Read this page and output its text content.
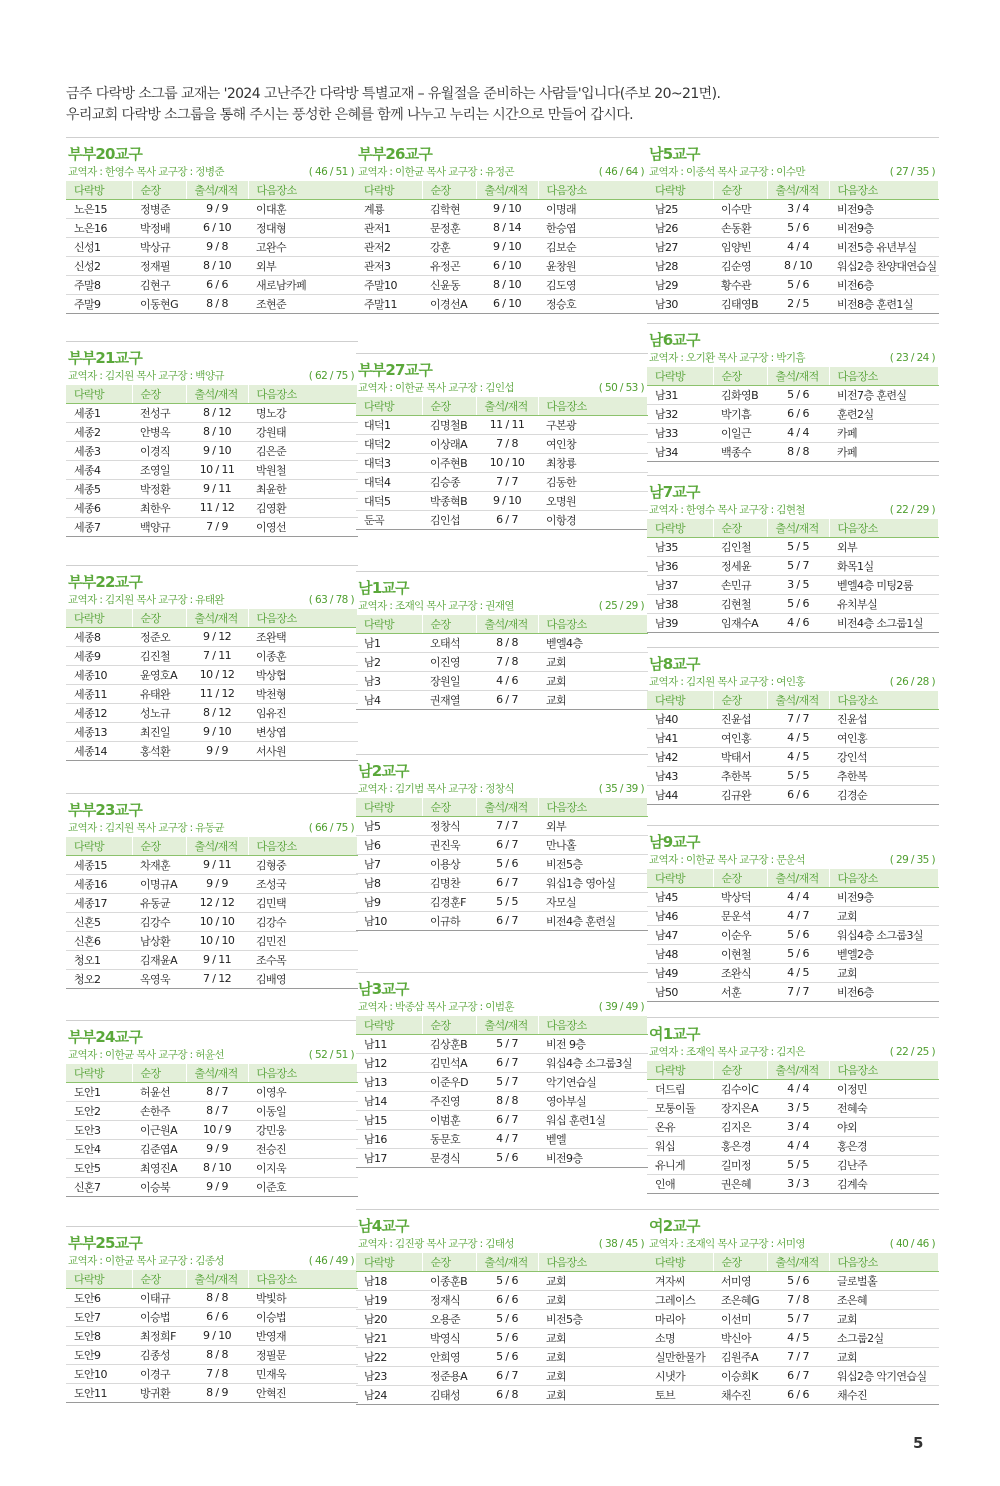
금주 다락방 소그룹 교재는 '2024 고난주간 다락방 특별교재 – 유월절을 준비하는 사람들'입니다(주보 20~21면).
우리교회 다락방 소그룹을 통해 주시는 풍성한 은혜를 함께 나누고 누리는 시간으로 만들어 갑시다.
부부20교구
교역자 : 한영수 목사 교구장 : 정병준	( 46 / 51 )
다락방	순장	출석/재적	다음장소
노은15	정병준	9 / 9	이대훈
노은16	박정배	6 / 10	정대형
신성1	박상규	9 / 8	고완수
신성2	정재필	8 / 10	외부
주말8	김현구	6 / 6	새로남카페
주말9	이동현G	8 / 8	조현준
부부21교구
교역자 : 김지원 목사 교구장 : 백양규	( 62 / 75 )
다락방	순장	출석/재적	다음장소
세종1	전성구	8 / 12	명노강
세종2	안병옥	8 / 10	강원태
세종3	이경직	9 / 10	김은준
세종4	조영일	10 / 11	박원철
세종5	박정환	9 / 11	최윤한
세종6	최한우	11 / 12	김영환
세종7	백양규	7 / 9	이영선
부부22교구
교역자 : 김지원 목사 교구장 : 유태완	( 63 / 78 )
다락방	순장	출석/재적	다음장소
세종8	정준오	9 / 12	조완택
세종9	김진철	7 / 11	이종훈
세종10	윤영호A	10 / 12	박상협
세종11	유태완	11 / 12	박천형
세종12	성노규	8 / 12	임유진
세종13	최진일	9 / 10	변상엽
세종14	홍석환	9 / 9	서사원
부부23교구
교역자 : 김지원 목사 교구장 : 유동균	( 66 / 75 )
다락방	순장	출석/재적	다음장소
세종15	차재훈	9 / 11	김형중
세종16	이명규A	9 / 9	조성국
세종17	유동균	12 / 12	김민택
신혼5	김강수	10 / 10	김강수
신혼6	남상환	10 / 10	김민진
청오1	김재윤A	9 / 11	조수목
청오2	옥영욱	7 / 12	김배영
부부24교구
교역자 : 이한균 목사 교구장 : 허윤선	( 52 / 51 )
다락방	순장	출석/재적	다음장소
도안1	허윤선	8 / 7	이영우
도안2	손한주	8 / 7	이동일
도안3	이근원A	10 / 9	강민웅
도안4	김준엽A	9 / 9	전승진
도안5	최영진A	8 / 10	이지욱
신혼7	이승북	9 / 9	이준호
부부25교구
교역자 : 이한균 목사 교구장 : 김종성	( 46 / 49 )
다락방	순장	출석/재적	다음장소
도안6	이태규	8 / 8	박빛하
도안7	이승법	6 / 6	이승법
도안8	최정희F	9 / 10	반영재
도안9	김종성	8 / 8	정필문
도안10	이경구	7 / 8	민재욱
도안11	방귀환	8 / 9	안혁진
부부26교구
교역자 : 이한균 목사 교구장 : 유정곤	( 46 / 64 )
다락방	순장	출석/재적	다음장소
계룡	김학현	9 / 10	이명래
관저1	문정훈	8 / 14	한승엽
관저2	강훈	9 / 10	김보순
관저3	유정곤	6 / 10	윤창원
주말10	신윤동	8 / 10	김도영
주말11	이경선A	6 / 10	정승호
부부27교구
교역자 : 이한균 목사 교구장 : 김인섭	( 50 / 53 )
다락방	순장	출석/재적	다음장소
대덕1	김명철B	11 / 11	구본광
대덕2	이상래A	7 / 8	여인창
대덕3	이주현B	10 / 10	최창룡
대덕4	김승종	7 / 7	김동한
대덕5	박종혁B	9 / 10	오명원
둔곡	김인섭	6 / 7	이항경
남1교구
교역자 : 조재익 목사 교구장 : 권재열	( 25 / 29 )
다락방	순장	출석/재적	다음장소
남1	오태석	8 / 8	벧엘4층
남2	이진영	7 / 8	교회
남3	장원일	4 / 6	교회
남4	권재열	6 / 7	교회
남2교구
교역자 : 김기범 목사 교구장 : 정창식	( 35 / 39 )
다락방	순장	출석/재적	다음장소
남5	정창식	7 / 7	외부
남6	권진욱	6 / 7	만나홀
남7	이용상	5 / 6	비전5층
남8	김명찬	6 / 7	워십1층 영아실
남9	김경훈F	5 / 5	자모실
남10	이규하	6 / 7	비전4층 훈련실
남3교구
교역자 : 박종삼 목사 교구장 : 이범훈	( 39 / 49 )
다락방	순장	출석/재적	다음장소
남11	김상훈B	5 / 7	비전 9층
남12	김민석A	6 / 7	워십4층 소그룹3실
남13	이준우D	5 / 7	악기연습실
남14	주진영	8 / 8	영아부실
남15	이범훈	6 / 7	워십 훈련1실
남16	동문호	4 / 7	벧엘
남17	문경식	5 / 6	비전9층
남4교구
교역자 : 김진광 목사 교구장 : 김태성	( 38 / 45 )
다락방	순장	출석/재적	다음장소
남18	이종훈B	5 / 6	교회
남19	정재식	6 / 6	교회
남20	오용준	5 / 6	비전5층
남21	박영식	5 / 6	교회
남22	안희영	5 / 6	교회
남23	정준용A	6 / 7	교회
남24	김태성	6 / 8	교회
남5교구
교역자 : 이종석 목사 교구장 : 이수만	( 27 / 35 )
다락방	순장	출석/재적	다음장소
남25	이수만	3 / 4	비전9층
남26	손동환	5 / 6	비전9층
남27	임양빈	4 / 4	비전5층 유년부실
남28	김순영	8 / 10	워십2층 찬양대연습실
남29	황수관	5 / 6	비전6층
남30	김태영B	2 / 5	비전8층 훈련1실
남6교구
교역자 : 오기환 목사 교구장 : 박기흠	( 23 / 24 )
다락방	순장	출석/재적	다음장소
남31	김화영B	5 / 6	비전7층 훈련실
남32	박기흠	6 / 6	훈련2실
남33	이일근	4 / 4	카페
남34	백종수	8 / 8	카페
남7교구
교역자 : 한영수 목사 교구장 : 김현철	( 22 / 29 )
다락방	순장	출석/재적	다음장소
남35	김인철	5 / 5	외부
남36	정세윤	5 / 7	화목1실
남37	손민규	3 / 5	벧엘4층 미팅2룸
남38	김현철	5 / 6	유치부실
남39	임재수A	4 / 6	비전4층 소그룹1실
남8교구
교역자 : 김지원 목사 교구장 : 여인홍	( 26 / 28 )
다락방	순장	출석/재적	다음장소
남40	진윤섭	7 / 7	진윤섭
남41	여인홍	4 / 5	여인홍
남42	박태서	4 / 5	강인석
남43	추한복	5 / 5	추한복
남44	김규완	6 / 6	김경순
남9교구
교역자 : 이한균 목사 교구장 : 문운석	( 29 / 35 )
다락방	순장	출석/재적	다음장소
남45	박상덕	4 / 4	비전9층
남46	문운석	4 / 7	교회
남47	이순우	5 / 6	워십4층 소그룹3실
남48	이현철	5 / 6	벧엘2층
남49	조완식	4 / 5	교회
남50	서훈	7 / 7	비전6층
여1교구
교역자 : 조재익 목사 교구장 : 김지은	( 22 / 25 )
다락방	순장	출석/재적	다음장소
더드림	김수이C	4 / 4	이정민
모퉁이돌	장지은A	3 / 5	전혜숙
온유	김지은	3 / 4	야외
워십	홍은경	4 / 4	홍은경
유니게	길미정	5 / 5	김난주
인애	권은혜	3 / 3	김계숙
여2교구
교역자 : 조재익 목사 교구장 : 서미영	( 40 / 46 )
다락방	순장	출석/재적	다음장소
겨자씨	서미영	5 / 6	글로벌홀
그레이스	조은혜G	7 / 8	조은혜
마리아	이선미	5 / 7	교회
소명	박신아	4 / 5	소그룹2실
실만한물가	김원주A	7 / 7	교회
시냇가	이승희K	6 / 7	워십2층 악기연습실
토브	채수진	6 / 6	채수진
5
